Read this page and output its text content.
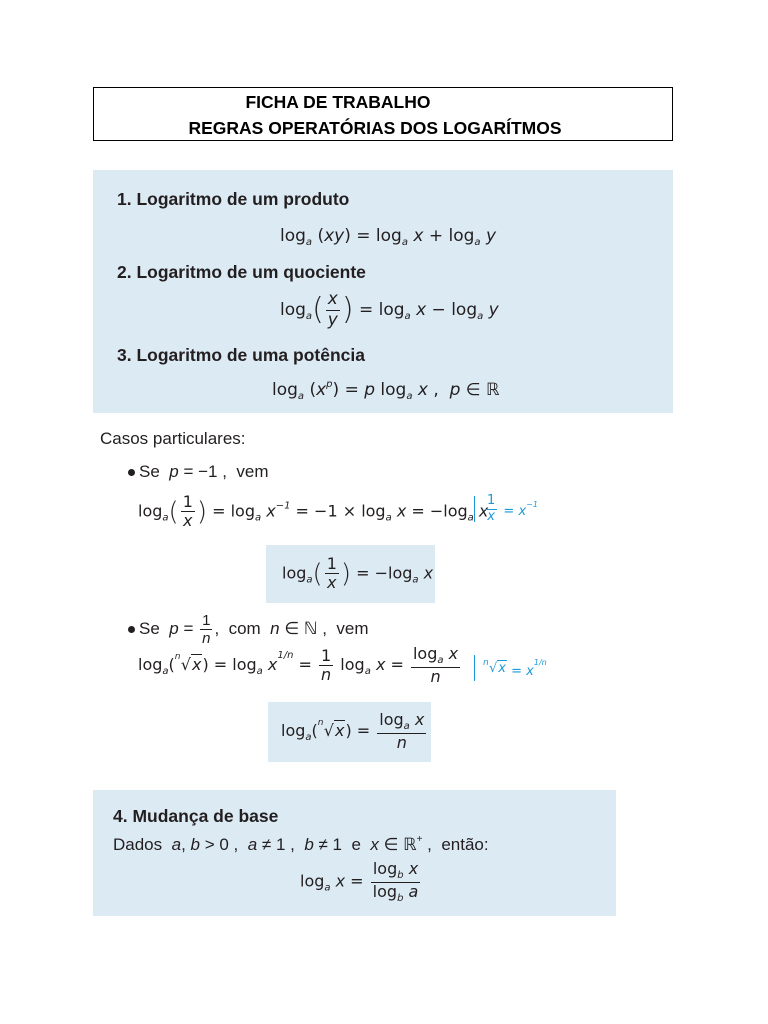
FICHA DE TRABALHO
REGRAS OPERATÓRIAS DOS LOGARÍTMOS
1. Logaritmo de um produto
$\log_a (xy) = \log_a x + \log_a y$
2. Logaritmo de um quociente
$\log_a( \frac{x}{y}$ ) = $\log_a x - \log_a y$
3. Logaritmo de uma potência
$\log_a (x^p) = p$ $\log_a x$ ,  p ∈ ℝ
Casos particulares:
Se  p = −1 ,  vem
$\log_a( \frac{1}{x}$ ) = $\log_a x^{-1} = -1 \times \log_a x = -\log_a$ x
$\frac{1}{x} = x^{-1}$
$\log_a( \frac{1}{x}$ ) = $-\log_a$ x
Se  $p = \frac{1}{n}$ ,  com  n ∈ ℕ ,  vem
$\log_a$( n $√x) = \log_a x^{1/n} = \frac{1}{n} \log_a x = \frac{\log_a x}{n}$	n $√x = x^{1/n}$
$\log_a$( n $√x) = \frac{\log_a x}{n}$
4. Mudança de base
Dados  a, b > 0 ,  a ≠ 1 ,  b ≠ 1  e  x ∈ ℝ+ ,  então:
$\log_a x = \frac{\log_b x}{\log_b a}$
